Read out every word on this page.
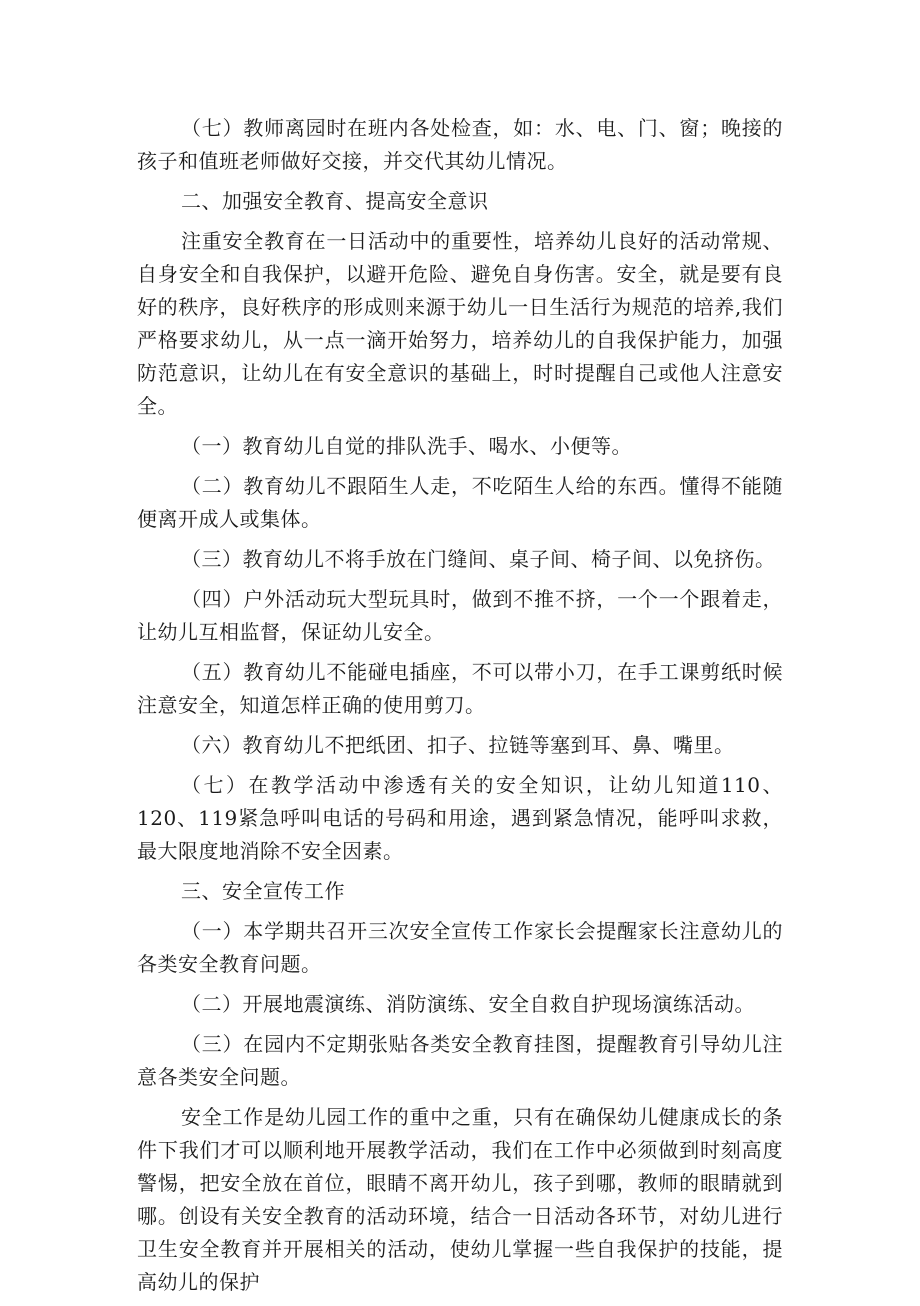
（七）教师离园时在班内各处检查，如：水、电、门、窗；晚接的孩子和值班老师做好交接，并交代其幼儿情况。

二、加强安全教育、提高安全意识

注重安全教育在一日活动中的重要性，培养幼儿良好的活动常规、自身安全和自我保护，以避开危险、避免自身伤害。安全，就是要有良好的秩序，良好秩序的形成则来源于幼儿一日生活行为规范的培养,我们严格要求幼儿，从一点一滴开始努力，培养幼儿的自我保护能力，加强防范意识，让幼儿在有安全意识的基础上，时时提醒自己或他人注意安全。

（一）教育幼儿自觉的排队洗手、喝水、小便等。

（二）教育幼儿不跟陌生人走，不吃陌生人给的东西。懂得不能随便离开成人或集体。

（三）教育幼儿不将手放在门缝间、桌子间、椅子间、以免挤伤。

（四）户外活动玩大型玩具时，做到不推不挤，一个一个跟着走，让幼儿互相监督，保证幼儿安全。

（五）教育幼儿不能碰电插座，不可以带小刀，在手工课剪纸时候注意安全，知道怎样正确的使用剪刀。

（六）教育幼儿不把纸团、扣子、拉链等塞到耳、鼻、嘴里。

（七）在教学活动中渗透有关的安全知识，让幼儿知道110、120、119紧急呼叫电话的号码和用途，遇到紧急情况，能呼叫求救，最大限度地消除不安全因素。

三、安全宣传工作

（一）本学期共召开三次安全宣传工作家长会提醒家长注意幼儿的各类安全教育问题。

（二）开展地震演练、消防演练、安全自救自护现场演练活动。

（三）在园内不定期张贴各类安全教育挂图，提醒教育引导幼儿注意各类安全问题。

安全工作是幼儿园工作的重中之重，只有在确保幼儿健康成长的条件下我们才可以顺利地开展教学活动，我们在工作中必须做到时刻高度警惕，把安全放在首位，眼睛不离开幼儿，孩子到哪，教师的眼睛就到哪。创设有关安全教育的活动环境，结合一日活动各环节，对幼儿进行卫生安全教育并开展相关的活动，使幼儿掌握一些自我保护的技能，提高幼儿的保护
